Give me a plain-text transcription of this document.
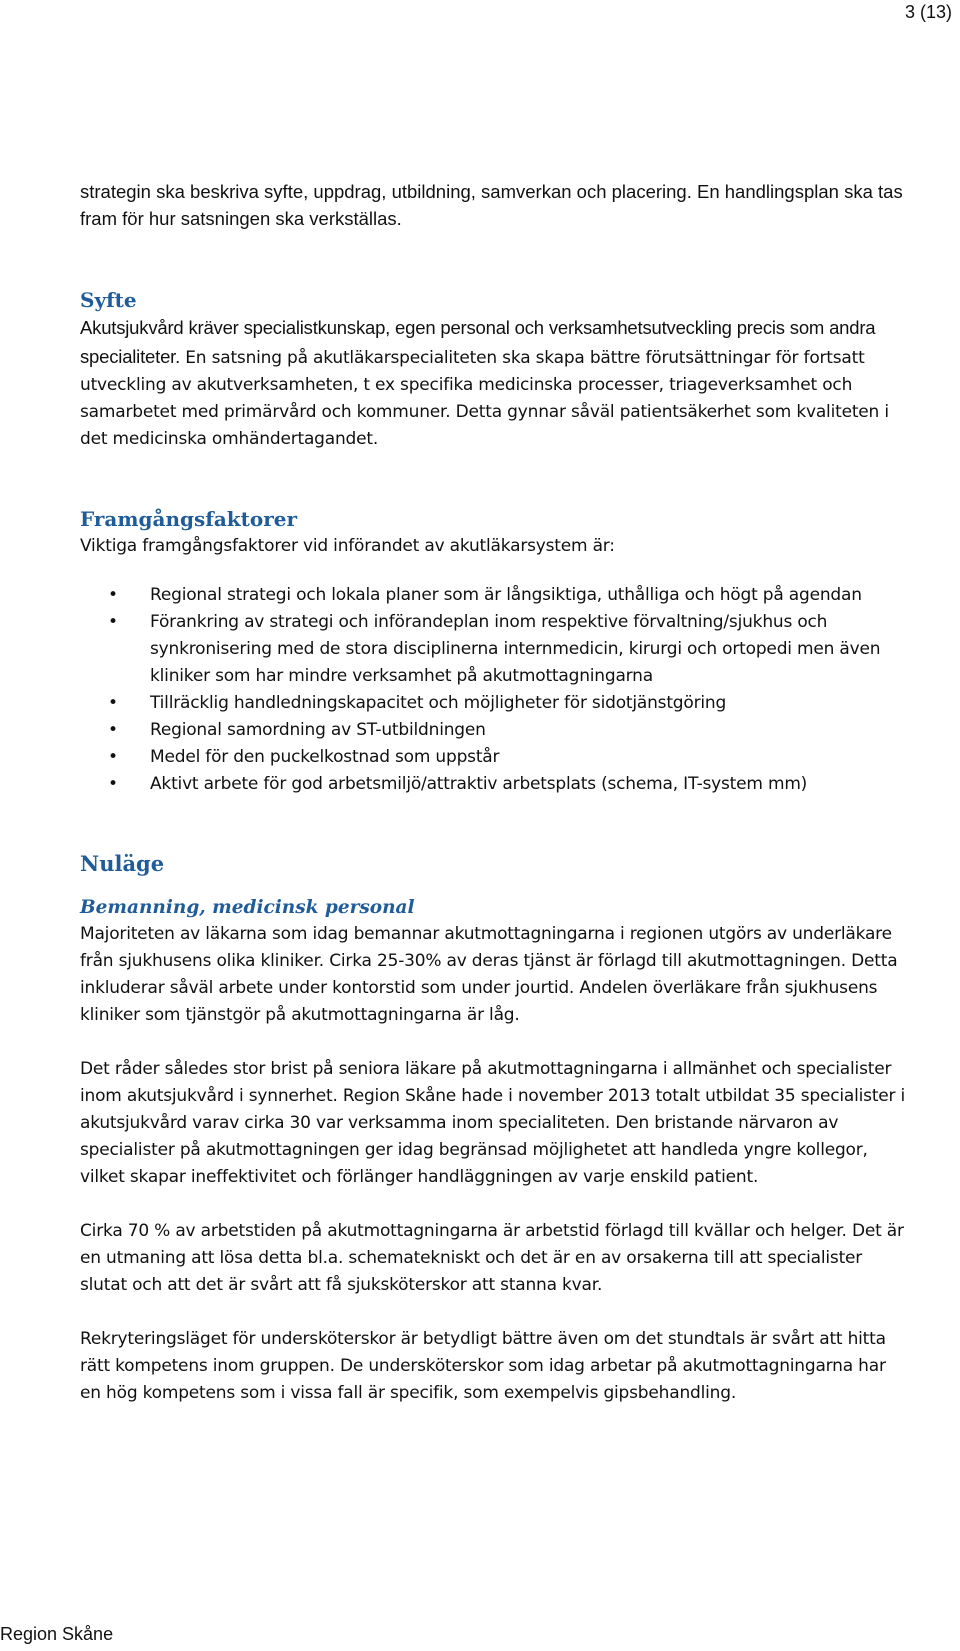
3 (13)

strategin ska beskriva syfte, uppdrag, utbildning, samverkan och placering. En handlingsplan ska tas fram för hur satsningen ska verkställas.

Syfte

Akutsjukvård kräver specialistkunskap, egen personal och verksamhetsutveckling precis som andra specialiteter. En satsning på akutläkarspecialiteten ska skapa bättre förutsättningar för fortsatt utveckling av akutverksamheten, t ex specifika medicinska processer, triageverksamhet och samarbetet med primärvård och kommuner. Detta gynnar såväl patientsäkerhet som kvaliteten i det medicinska omhändertagandet.

Framgångsfaktorer

Viktiga framgångsfaktorer vid införandet av akutläkarsystem är:

• Regional strategi och lokala planer som är långsiktiga, uthålliga och högt på agendan
• Förankring av strategi och införandeplan inom respektive förvaltning/sjukhus och synkronisering med de stora disciplinerna internmedicin, kirurgi och ortopedi men även kliniker som har mindre verksamhet på akutmottagningarna
• Tillräcklig handledningskapacitet och möjligheter för sidotjänstgöring
• Regional samordning av ST-utbildningen
• Medel för den puckelkostnad som uppstår
• Aktivt arbete för god arbetsmiljö/attraktiv arbetsplats (schema, IT-system mm)
Nuläge
Bemanning, medicinsk personal

Majoriteten av läkarna som idag bemannar akutmottagningarna i regionen utgörs av underläkare från sjukhusens olika kliniker. Cirka 25-30% av deras tjänst är förlagd till akutmottagningen. Detta inkluderar såväl arbete under kontorstid som under jourtid. Andelen överläkare från sjukhusens kliniker som tjänstgör på akutmottagningarna är låg.

Det råder således stor brist på seniora läkare på akutmottagningarna i allmänhet och specialister inom akutsjukvård i synnerhet. Region Skåne hade i november 2013 totalt utbildat 35 specialister i akutsjukvård varav cirka 30 var verksamma inom specialiteten. Den bristande närvaron av specialister på akutmottagningen ger idag begränsad möjlighetet att handleda yngre kollegor, vilket skapar ineffektivitet och förlänger handläggningen av varje enskild patient.

Cirka 70 % av arbetstiden på akutmottagningarna är arbetstid förlagd till kvällar och helger. Det är en utmaning att lösa detta bl.a. schematekniskt och det är en av orsakerna till att specialister slutat och att det är svårt att få sjuksköterskor att stanna kvar.

Rekryteringsläget för undersköterskor är betydligt bättre även om det stundtals är svårt att hitta rätt kompetens inom gruppen. De undersköterskor som idag arbetar på akutmottagningarna har en hög kompetens som i vissa fall är specifik, som exempelvis gipsbehandling.

Region Skåne
